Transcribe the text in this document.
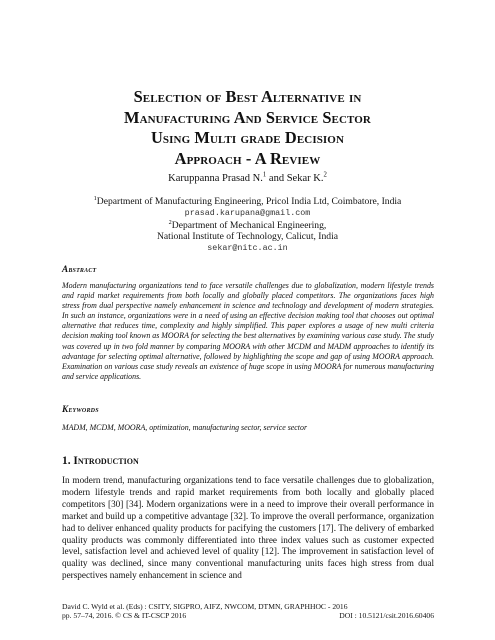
Selection of Best Alternative in
Manufacturing And Service Sector
Using Multi grade Decision
Approach - A Review
Karuppanna Prasad N.$^1$ and Sekar K.$^2$
$^1$Department of Manufacturing Engineering, Pricol India Ltd, Coimbatore, India
prasad.karupana@gmail.com
$^2$Department of Mechanical Engineering,
National Institute of Technology, Calicut, India
sekar@nitc.ac.in
Abstract
Modern manufacturing organizations tend to face versatile challenges due to globalization, modern lifestyle trends and rapid market requirements from both locally and globally placed competitors. The organizations faces high stress from dual perspective namely enhancement in science and technology and development of modern strategies. In such an instance, organizations were in a need of using an effective decision making tool that chooses out optimal alternative that reduces time, complexity and highly simplified. This paper explores a usage of new multi criteria decision making tool known as MOORA for selecting the best alternatives by examining various case study. The study was covered up in two fold manner by comparing MOORA with other MCDM and MADM approaches to identify its advantage for selecting optimal alternative, followed by highlighting the scope and gap of using MOORA approach. Examination on various case study reveals an existence of huge scope in using MOORA for numerous manufacturing and service applications.
Keywords
MADM, MCDM, MOORA, optimization, manufacturing sector, service sector
1. Introduction
In modern trend, manufacturing organizations tend to face versatile challenges due to globalization, modern lifestyle trends and rapid market requirements from both locally and globally placed competitors [30] [34]. Modern organizations were in a need to improve their overall performance in market and build up a competitive advantage [32]. To improve the overall performance, organization had to deliver enhanced quality products for pacifying the customers [17]. The delivery of embarked quality products was commonly differentiated into three index values such as customer expected level, satisfaction level and achieved level of quality [12]. The improvement in satisfaction level of quality was declined, since many conventional manufacturing units faces high stress from dual perspectives namely enhancement in science and
David C. Wyld et al. (Eds) : CSITY, SIGPRO, AIFZ, NWCOM, DTMN, GRAPHHOC - 2016
pp. 57–74, 2016. © CS & IT-CSCP 2016	DOI : 10.5121/csit.2016.60406
